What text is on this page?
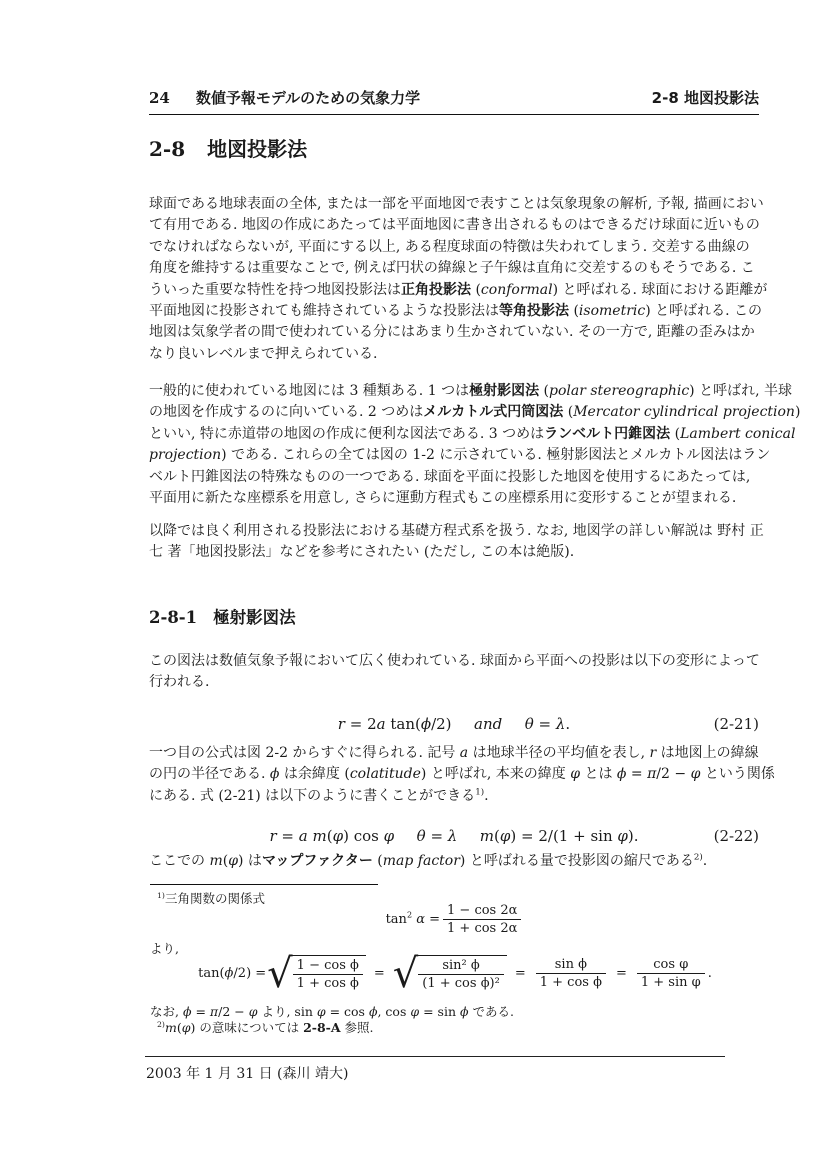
24 数値予報モデルのための気象力学	2-8 地図投影法
2-8 地図投影法
球面である地球表面の全体, または一部を平面地図で表すことは気象現象の解析, 予報, 描画におい
て有用である. 地図の作成にあたっては平面地図に書き出されるものはできるだけ球面に近いもの
でなければならないが, 平面にする以上, ある程度球面の特徴は失われてしまう. 交差する曲線の
角度を維持するは重要なことで, 例えば円状の緯線と子午線は直角に交差するのもそうである. こ
ういった重要な特性を持つ地図投影法は正角投影法 (conformal) と呼ばれる. 球面における距離が
平面地図に投影されても維持されているような投影法は等角投影法 (isometric) と呼ばれる. この
地図は気象学者の間で使われている分にはあまり生かされていない. その一方で, 距離の歪みはか
なり良いレベルまで押えられている.
一般的に使われている地図には 3 種類ある. 1 つは極射影図法 (polar stereographic) と呼ばれ, 半球
の地図を作成するのに向いている. 2 つめはメルカトル式円筒図法 (Mercator cylindrical projection)
といい, 特に赤道帯の地図の作成に便利な図法である. 3 つめはランベルト円錐図法 (Lambert conical
projection) である. これらの全ては図の 1-2 に示されている. 極射影図法とメルカトル図法はラン
ベルト円錐図法の特殊なものの一つである. 球面を平面に投影した地図を使用するにあたっては,
平面用に新たな座標系を用意し, さらに運動方程式もこの座標系用に変形することが望まれる.
以降では良く利用される投影法における基礎方程式系を扱う. なお, 地図学の詳しい解説は 野村 正
七 著「地図投影法」などを参考にされたい (ただし, この本は絶版).
2-8-1 極射影図法
この図法は数値気象予報において広く使われている. 球面から平面への投影は以下の変形によって
行われる.
r = 2a tan(ϕ/2)   and   θ = λ.	(2-21)
一つ目の公式は図 2-2 からすぐに得られる. 記号 a は地球半径の平均値を表し, r は地図上の緯線
の円の半径である. ϕ は余緯度 (colatitude) と呼ばれ, 本来の緯度 φ とは ϕ = π/2 − φ という関係
にある. 式 (2-21) は以下のように書くことができる$^{1)}$.
r = a m(φ) cos φ   θ = λ   m(φ) = 2/(1 + sin φ).	(2-22)
ここでの m(φ) はマップファクター (map factor) と呼ばれる量で投影図の縮尺である$^{2)}$.
$^{1)}$三角関数の関係式
$\tan^2 \alpha = \frac{1 - \cos 2\alpha}{1 + \cos 2\alpha}$
より,
tan(ϕ/2) = √ $\frac{\text{1 − cos ϕ}}{\text{1 + cos ϕ}}$ = √ $\frac{\text{sin² ϕ}}{\text{(1 + cos ϕ)²}} = \frac{\text{sin ϕ}}{\text{1 + cos ϕ}} = \frac{\text{cos φ}}{\text{1 + sin φ}}$ .
なお, ϕ = π/2 − φ より, sin φ = cos ϕ, cos φ = sin ϕ である.
$^{2)}$m(φ) の意味については 2-8-A 参照.
2003 年 1 月 31 日 (森川 靖大)
